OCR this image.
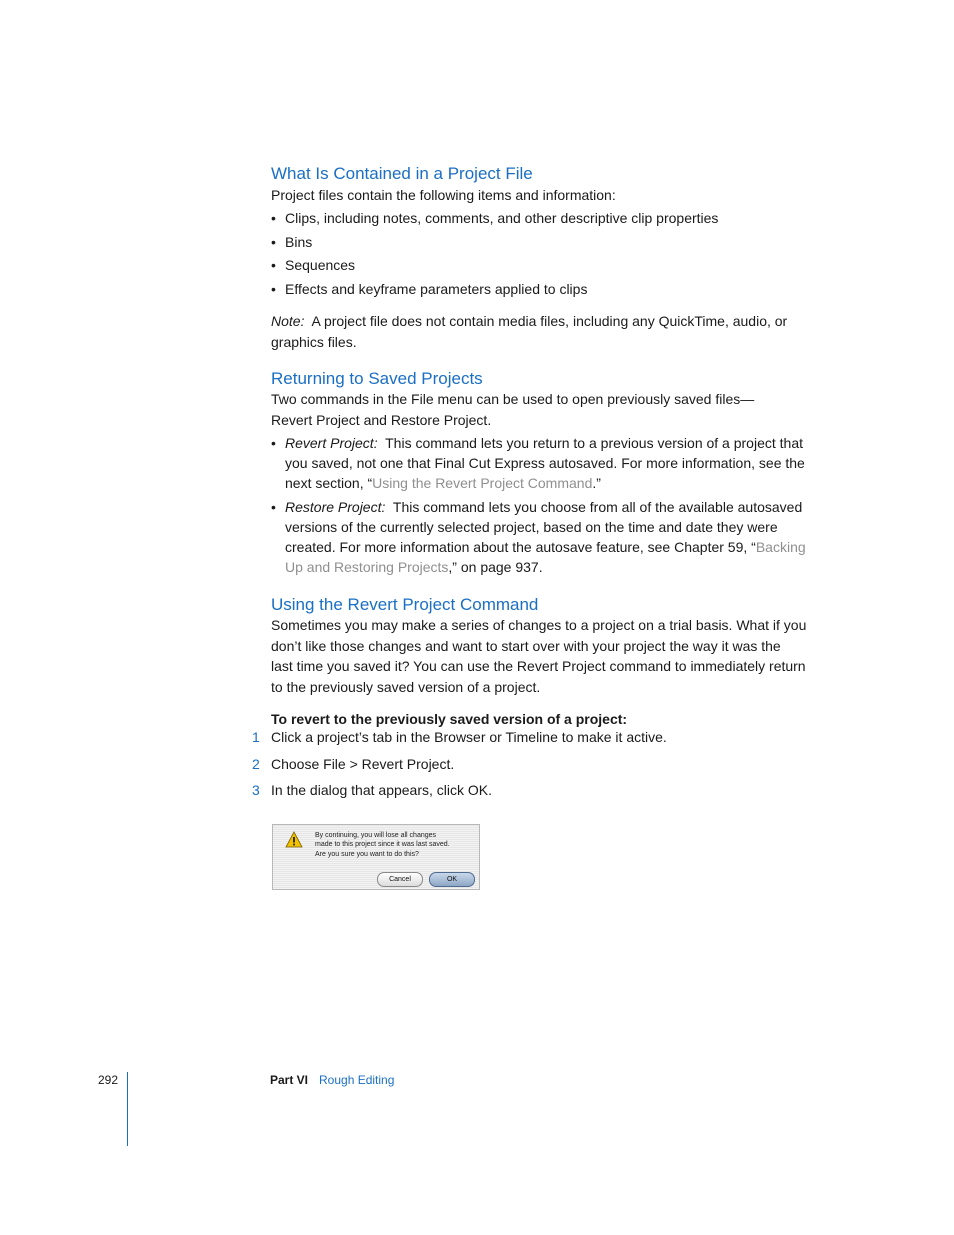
What Is Contained in a Project File
Project files contain the following items and information:
• Clips, including notes, comments, and other descriptive clip properties
• Bins
• Sequences
• Effects and keyframe parameters applied to clips
Note: A project file does not contain media files, including any QuickTime, audio, or
graphics files.
Returning to Saved Projects
Two commands in the File menu can be used to open previously saved files—
Revert Project and Restore Project.
• Revert Project: This command lets you return to a previous version of a project that
you saved, not one that Final Cut Express autosaved. For more information, see the
next section, “Using the Revert Project Command.”
• Restore Project: This command lets you choose from all of the available autosaved
versions of the currently selected project, based on the time and date they were
created. For more information about the autosave feature, see Chapter 59, “Backing
Up and Restoring Projects,” on page 937.
Using the Revert Project Command
Sometimes you may make a series of changes to a project on a trial basis. What if you
don’t like those changes and want to start over with your project the way it was the
last time you saved it? You can use the Revert Project command to immediately return
to the previously saved version of a project.
To revert to the previously saved version of a project:
1 Click a project’s tab in the Browser or Timeline to make it active.
2 Choose File > Revert Project.
3 In the dialog that appears, click OK.
By continuing, you will lose all changes
made to this project since it was last saved.
Are you sure you want to do this?
Cancel	OK
292	Part VI Rough Editing
